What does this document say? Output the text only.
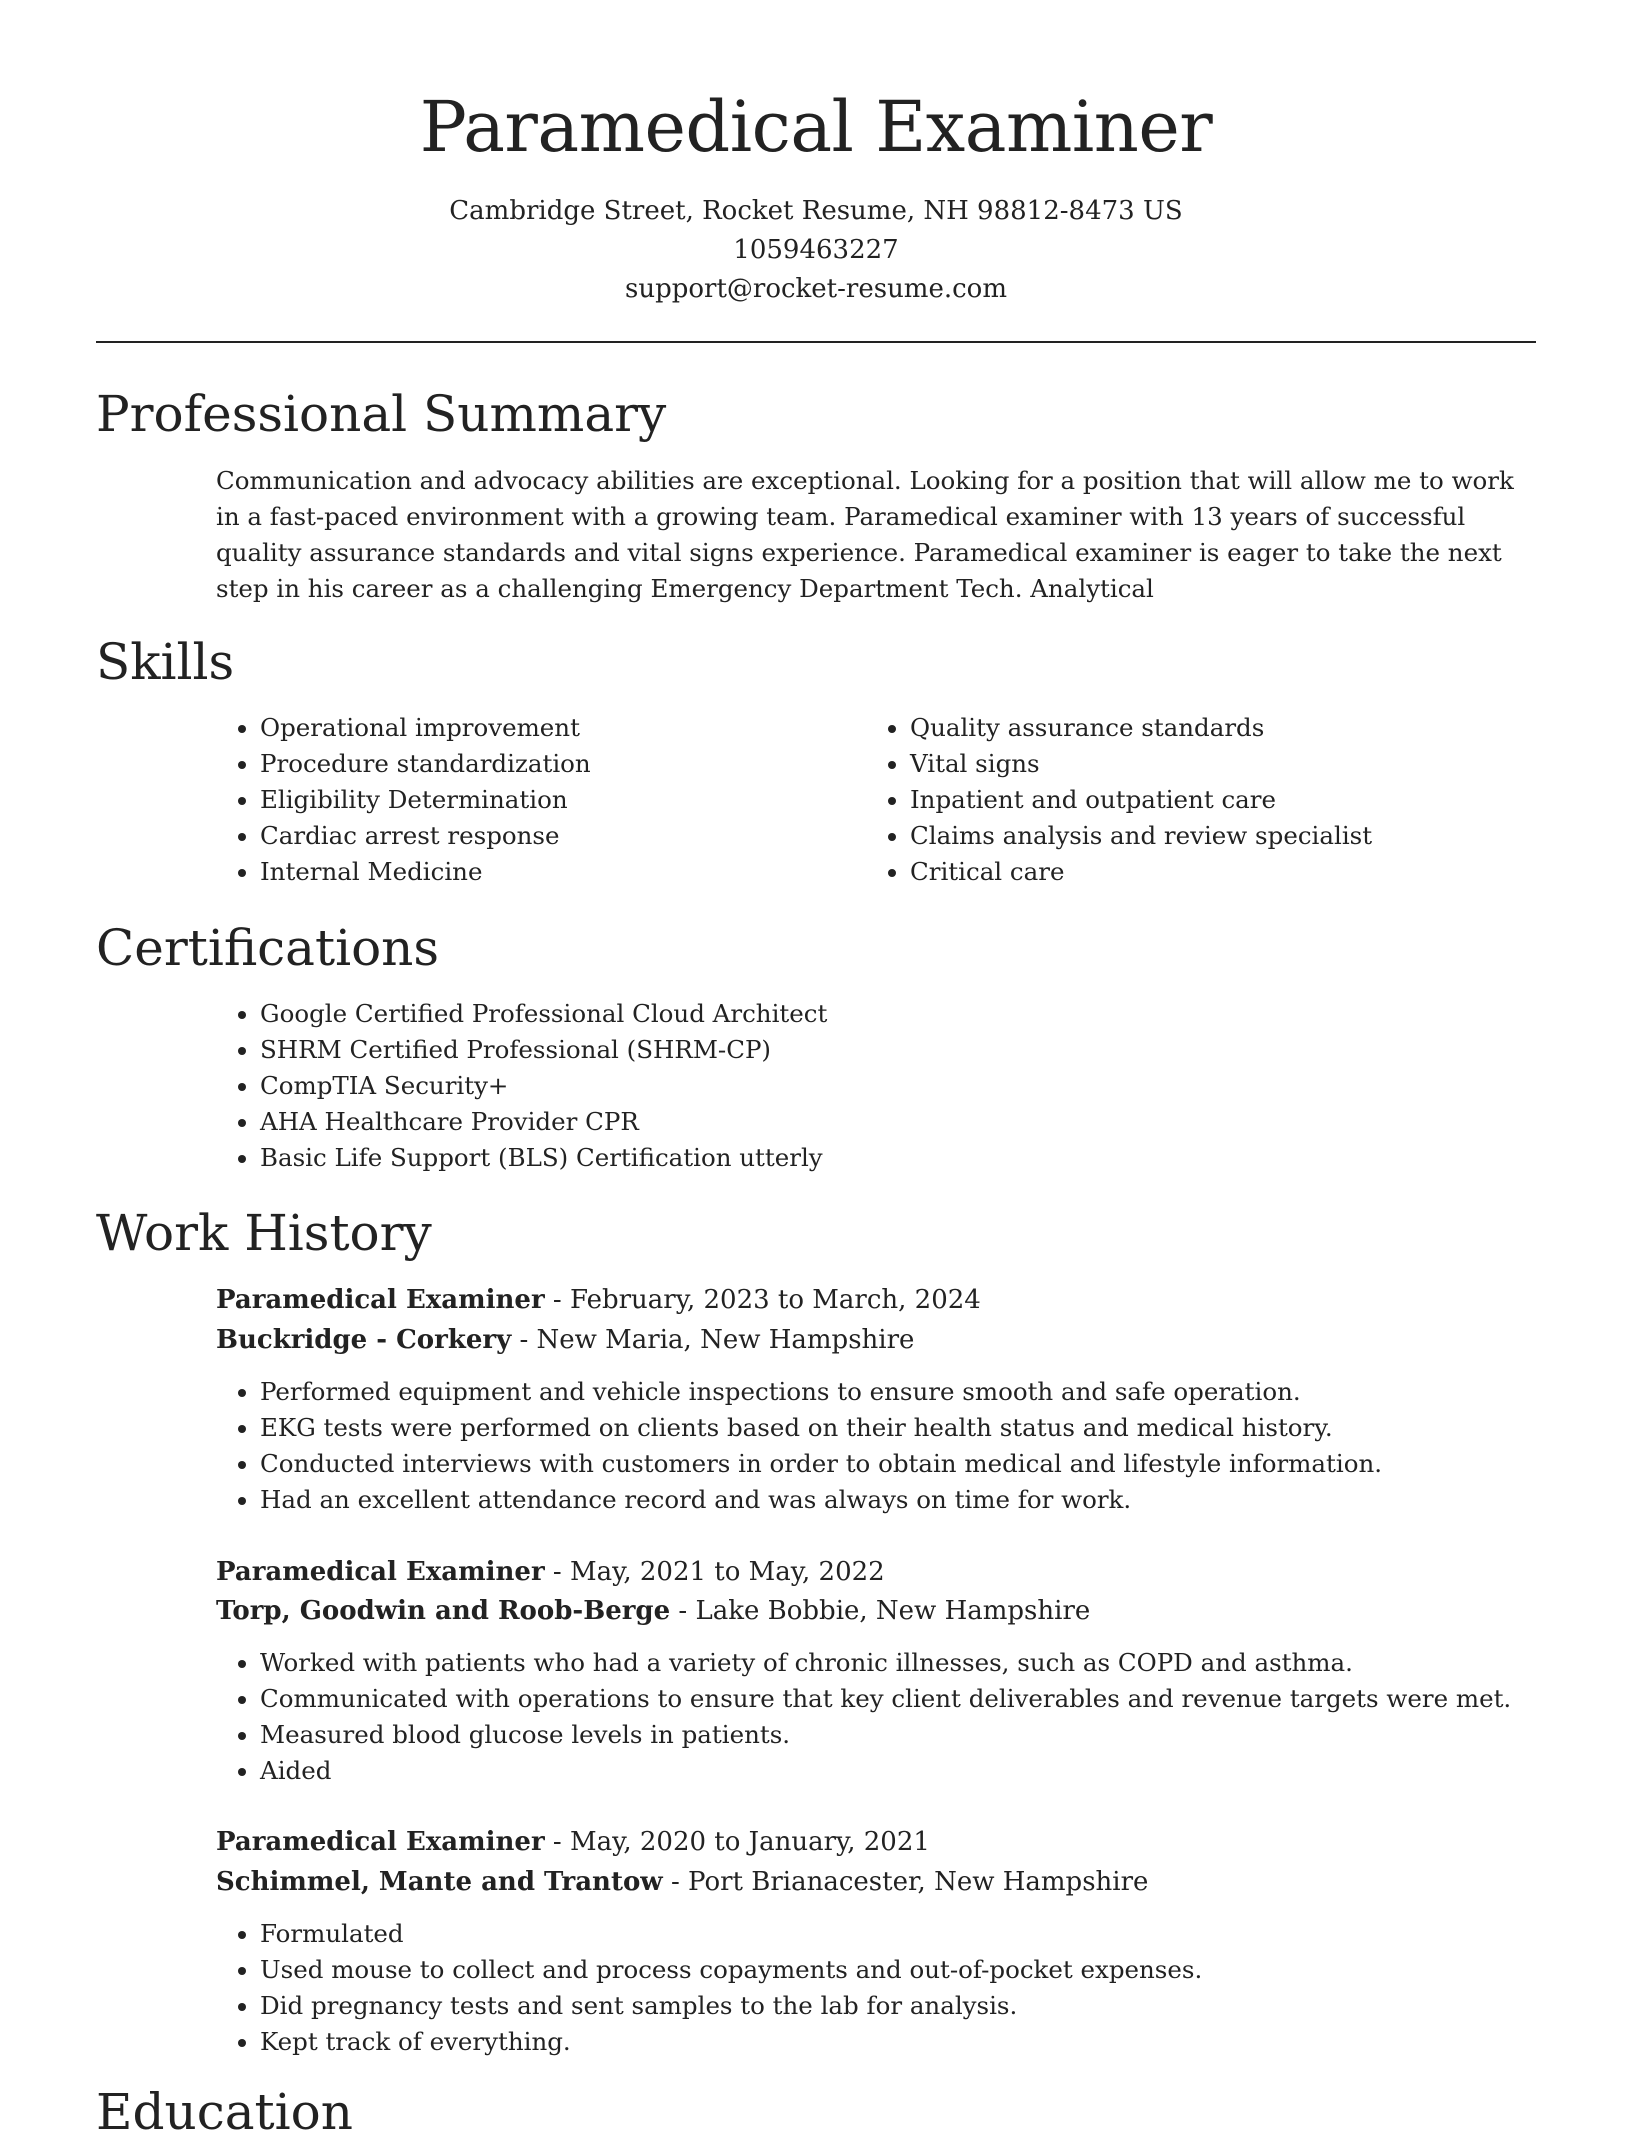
Paramedical Examiner
Cambridge Street, Rocket Resume, NH 98812-8473 US
1059463227
support@rocket-resume.com
Professional Summary

Communication and advocacy abilities are exceptional. Looking for a position that will allow me to work in a fast-paced environment with a growing team. Paramedical examiner with 13 years of successful quality assurance standards and vital signs experience. Paramedical examiner is eager to take the next step in his career as a challenging Emergency Department Tech. Analytical

Skills
• Operational improvement
• Procedure standardization
• Eligibility Determination
• Cardiac arrest response
• Internal Medicine
• Quality assurance standards
• Vital signs
• Inpatient and outpatient care
• Claims analysis and review specialist
• Critical care
Certifications
• Google Certified Professional Cloud Architect
• SHRM Certified Professional (SHRM-CP)
• CompTIA Security+
• AHA Healthcare Provider CPR
• Basic Life Support (BLS) Certification utterly
Work History
Paramedical Examiner - February, 2023 to March, 2024
Buckridge - Corkery - New Maria, New Hampshire
• Performed equipment and vehicle inspections to ensure smooth and safe operation.
• EKG tests were performed on clients based on their health status and medical history.
• Conducted interviews with customers in order to obtain medical and lifestyle information.
• Had an excellent attendance record and was always on time for work.
Paramedical Examiner - May, 2021 to May, 2022
Torp, Goodwin and Roob-Berge - Lake Bobbie, New Hampshire
• Worked with patients who had a variety of chronic illnesses, such as COPD and asthma.
• Communicated with operations to ensure that key client deliverables and revenue targets were met.
• Measured blood glucose levels in patients.
• Aided
Paramedical Examiner - May, 2020 to January, 2021
Schimmel, Mante and Trantow - Port Brianacester, New Hampshire
• Formulated
• Used mouse to collect and process copayments and out-of-pocket expenses.
• Did pregnancy tests and sent samples to the lab for analysis.
• Kept track of everything.
Education
